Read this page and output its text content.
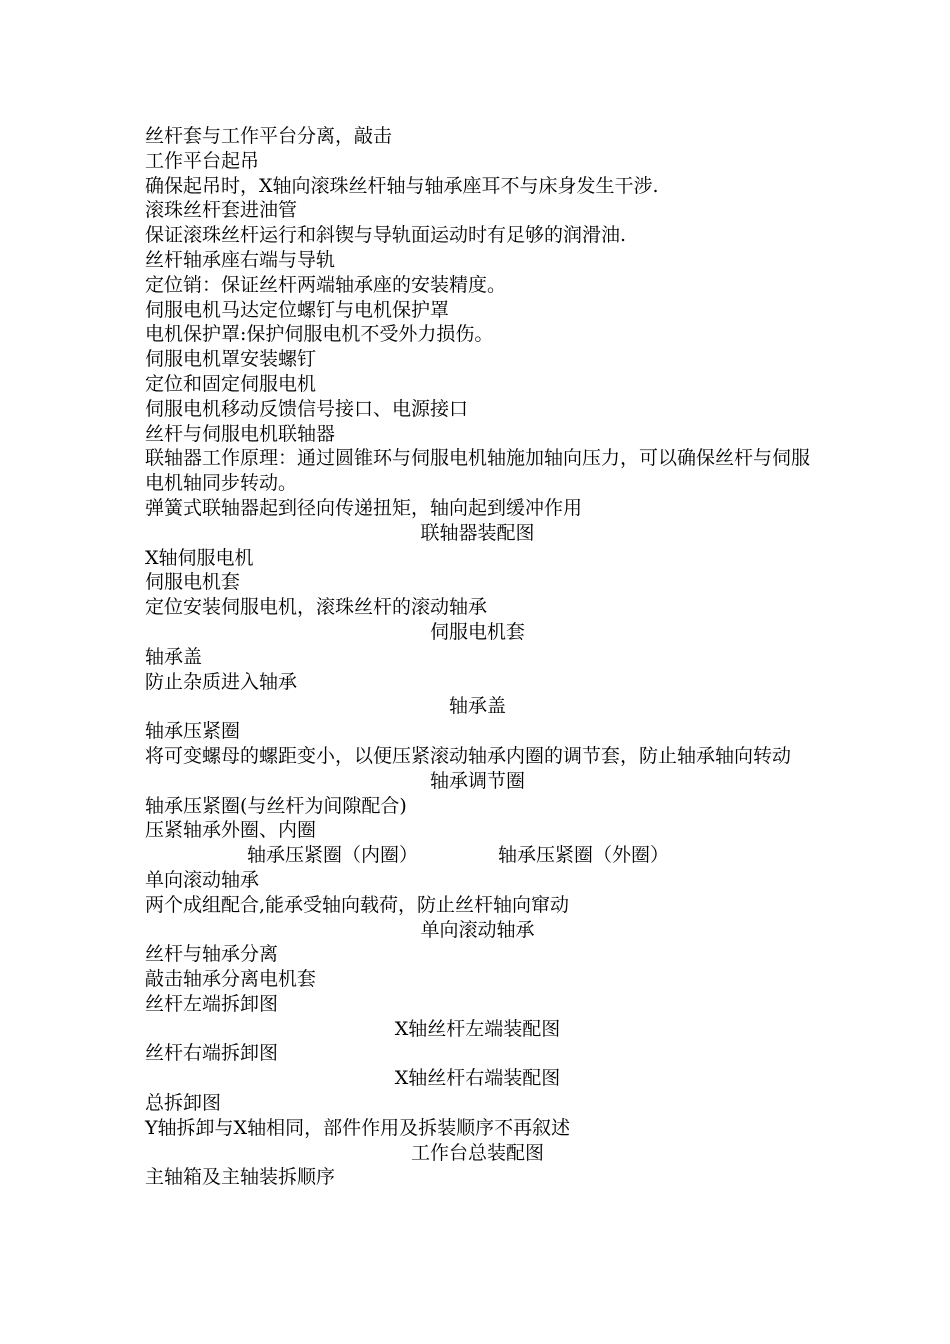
丝杆套与工作平台分离，敲击
工作平台起吊
确保起吊时，X轴向滚珠丝杆轴与轴承座耳不与床身发生干涉.
滚珠丝杆套进油管
保证滚珠丝杆运行和斜锲与导轨面运动时有足够的润滑油.
丝杆轴承座右端与导轨
定位销：保证丝杆两端轴承座的安装精度。
伺服电机马达定位螺钉与电机保护罩
电机保护罩:保护伺服电机不受外力损伤。
伺服电机罩安装螺钉
定位和固定伺服电机
伺服电机移动反馈信号接口、电源接口
丝杆与伺服电机联轴器
联轴器工作原理：通过圆锥环与伺服电机轴施加轴向压力，可以确保丝杆与伺服电机轴同步转动。
弹簧式联轴器起到径向传递扭矩，轴向起到缓冲作用
联轴器装配图
X轴伺服电机
伺服电机套
定位安装伺服电机，滚珠丝杆的滚动轴承
伺服电机套
轴承盖
防止杂质进入轴承
轴承盖
轴承压紧圈
将可变螺母的螺距变小，以便压紧滚动轴承内圈的调节套，防止轴承轴向转动
轴承调节圈
轴承压紧圈(与丝杆为间隙配合)
压紧轴承外圈、内圈
轴承压紧圈（内圈）	轴承压紧圈（外圈）
单向滚动轴承
两个成组配合,能承受轴向载荷，防止丝杆轴向窜动
单向滚动轴承
丝杆与轴承分离
敲击轴承分离电机套
丝杆左端拆卸图
X轴丝杆左端装配图
丝杆右端拆卸图
X轴丝杆右端装配图
总拆卸图
Y轴拆卸与X轴相同，部件作用及拆装顺序不再叙述
工作台总装配图
主轴箱及主轴装拆顺序
